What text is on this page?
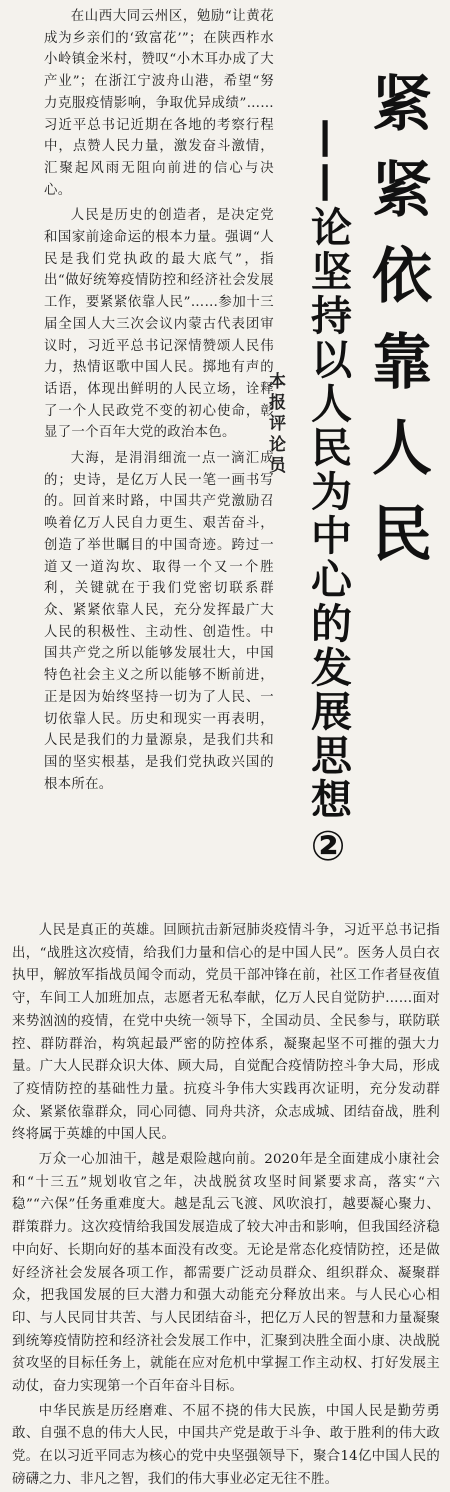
紧紧依靠人民
——论坚持以人民为中心的发展思想②
本报评论员

在山西大同云州区，勉励“让黄花成为乡亲们的‘致富花’”；在陕西柞水小岭镇金米村，赞叹“小木耳办成了大产业”；在浙江宁波舟山港，希望“努力克服疫情影响，争取优异成绩”……习近平总书记近期在各地的考察行程中，点赞人民力量，激发奋斗激情，汇聚起风雨无阻向前进的信心与决心。

人民是历史的创造者，是决定党和国家前途命运的根本力量。强调“人民是我们党执政的最大底气”，指出“做好统筹疫情防控和经济社会发展工作，要紧紧依靠人民”……参加十三届全国人大三次会议内蒙古代表团审议时，习近平总书记深情赞颂人民伟力，热情讴歌中国人民。掷地有声的话语，体现出鲜明的人民立场，诠释了一个人民政党不变的初心使命，彰显了一个百年大党的政治本色。

大海，是涓涓细流一点一滴汇成的；史诗，是亿万人民一笔一画书写的。回首来时路，中国共产党激励召唤着亿万人民自力更生、艰苦奋斗，创造了举世瞩目的中国奇迹。跨过一道又一道沟坎、取得一个又一个胜利，关键就在于我们党密切联系群众、紧紧依靠人民，充分发挥最广大人民的积极性、主动性、创造性。中国共产党之所以能够发展壮大，中国特色社会主义之所以能够不断前进，正是因为始终坚持一切为了人民、一切依靠人民。历史和现实一再表明，人民是我们的力量源泉，是我们共和国的坚实根基，是我们党执政兴国的根本所在。

人民是真正的英雄。回顾抗击新冠肺炎疫情斗争，习近平总书记指出，“战胜这次疫情，给我们力量和信心的是中国人民”。医务人员白衣执甲，解放军指战员闻令而动，党员干部冲锋在前，社区工作者昼夜值守，车间工人加班加点，志愿者无私奉献，亿万人民自觉防护……面对来势汹汹的疫情，在党中央统一领导下，全国动员、全民参与，联防联控、群防群治，构筑起最严密的防控体系，凝聚起坚不可摧的强大力量。广大人民群众识大体、顾大局，自觉配合疫情防控斗争大局，形成了疫情防控的基础性力量。抗疫斗争伟大实践再次证明，充分发动群众、紧紧依靠群众，同心同德、同舟共济，众志成城、团结奋战，胜利终将属于英雄的中国人民。

万众一心加油干，越是艰险越向前。2020年是全面建成小康社会和“十三五”规划收官之年，决战脱贫攻坚时间紧要求高，落实“六稳”“六保”任务重难度大。越是乱云飞渡、风吹浪打，越要凝心聚力、群策群力。这次疫情给我国发展造成了较大冲击和影响，但我国经济稳中向好、长期向好的基本面没有改变。无论是常态化疫情防控，还是做好经济社会发展各项工作，都需要广泛动员群众、组织群众、凝聚群众，把我国发展的巨大潜力和强大动能充分释放出来。与人民心心相印、与人民同甘共苦、与人民团结奋斗，把亿万人民的智慧和力量凝聚到统筹疫情防控和经济社会发展工作中，汇聚到决胜全面小康、决战脱贫攻坚的目标任务上，就能在应对危机中掌握工作主动权、打好发展主动仗，奋力实现第一个百年奋斗目标。

中华民族是历经磨难、不屈不挠的伟大民族，中国人民是勤劳勇敢、自强不息的伟大人民，中国共产党是敢于斗争、敢于胜利的伟大政党。在以习近平同志为核心的党中央坚强领导下，聚合14亿中国人民的磅礴之力、非凡之智，我们的伟大事业必定无往不胜。
